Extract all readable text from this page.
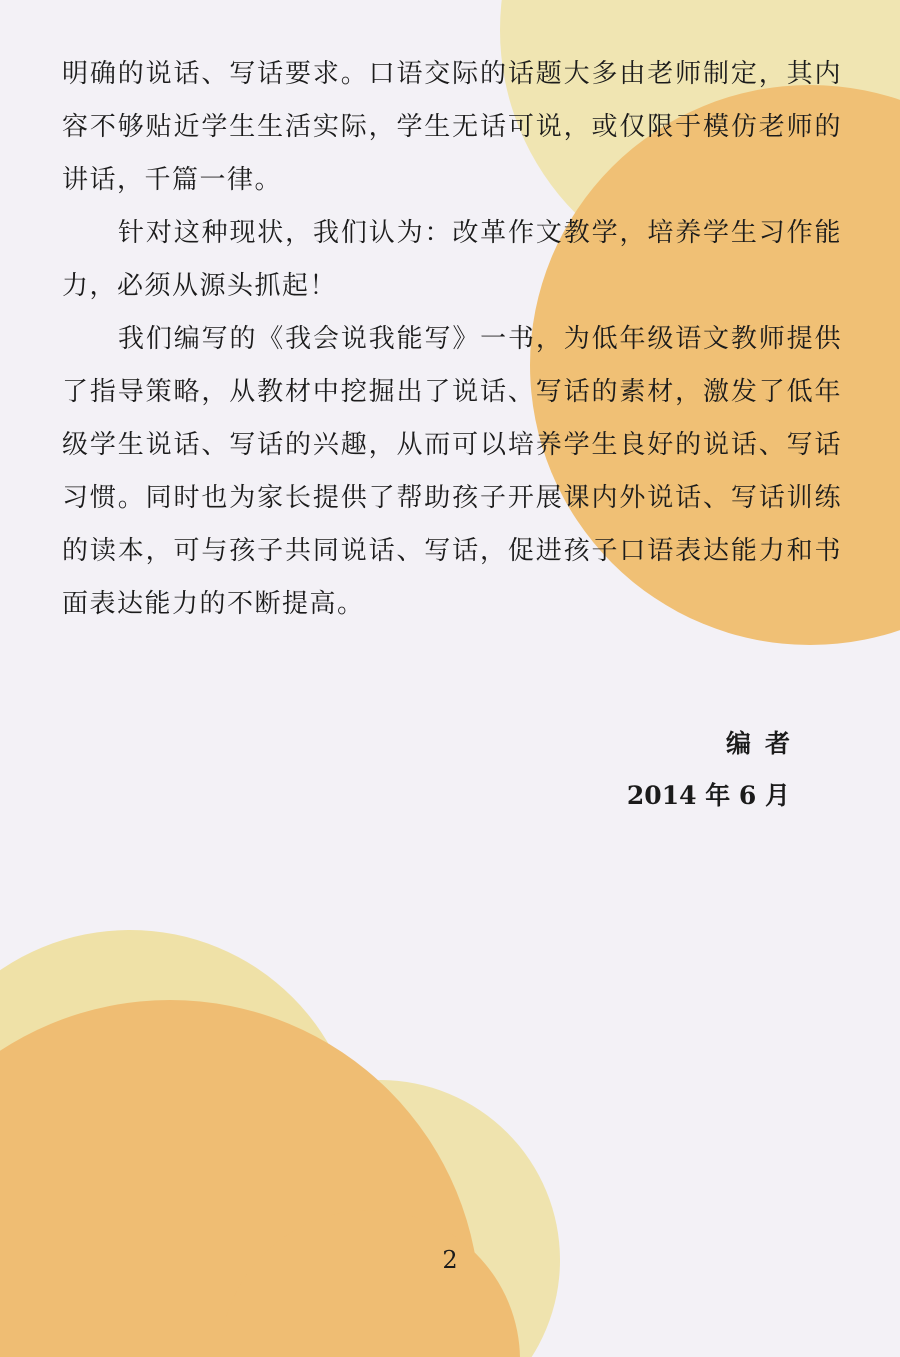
明确的说话、写话要求。口语交际的话题大多由老师制定，其内容不够贴近学生生活实际，学生无话可说，或仅限于模仿老师的讲话，千篇一律。

针对这种现状，我们认为：改革作文教学，培养学生习作能力，必须从源头抓起！

我们编写的《我会说我能写》一书，为低年级语文教师提供了指导策略，从教材中挖掘出了说话、写话的素材，激发了低年级学生说话、写话的兴趣，从而可以培养学生良好的说话、写话习惯。同时也为家长提供了帮助孩子开展课内外说话、写话训练的读本，可与孩子共同说话、写话，促进孩子口语表达能力和书面表达能力的不断提高。

编者
2014 年 6 月
2
